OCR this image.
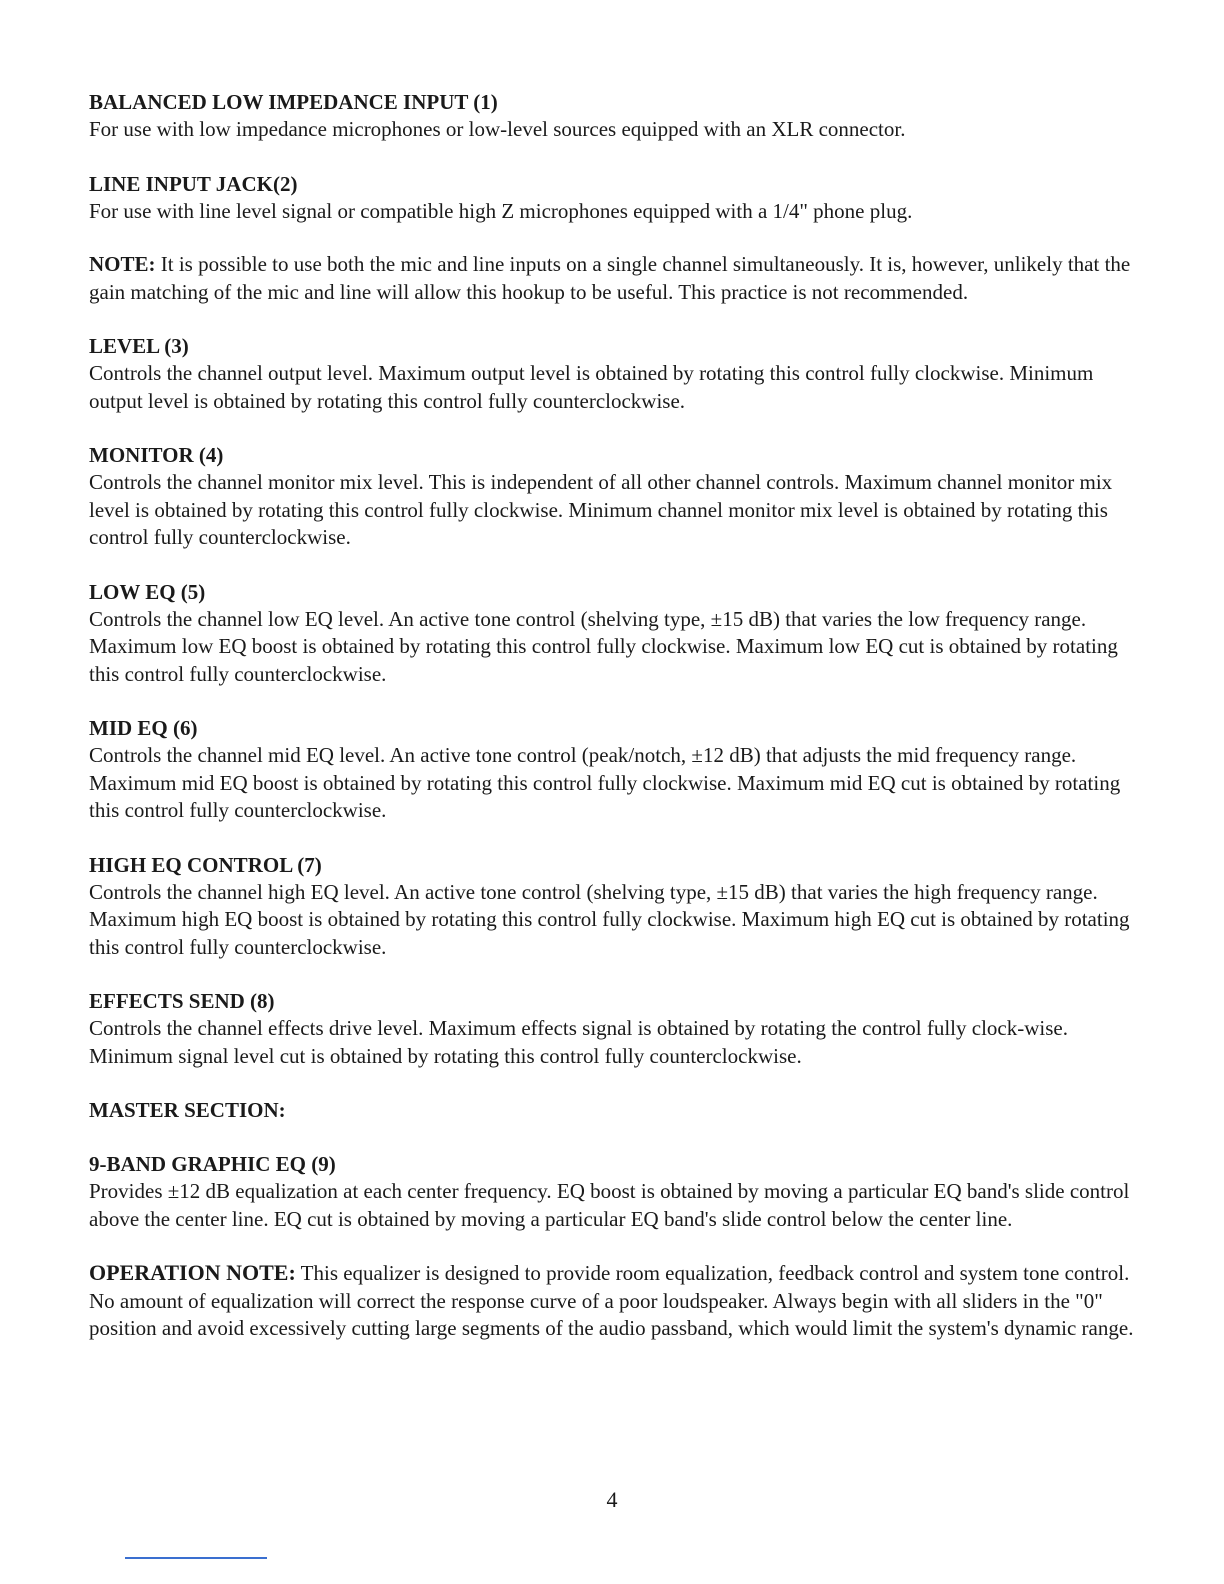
BALANCED LOW IMPEDANCE INPUT (1)

For use with low impedance microphones or low-level sources equipped with an XLR connector.

LINE INPUT JACK(2)

For use with line level signal or compatible high Z microphones equipped with a 1/4" phone plug.

NOTE: It is possible to use both the mic and line inputs on a single channel simultaneously. It is, however, unlikely that the gain matching of the mic and line will allow this hookup to be useful. This practice is not recommended.

LEVEL (3)

Controls the channel output level. Maximum output level is obtained by rotating this control fully clockwise. Minimum output level is obtained by rotating this control fully counterclockwise.

MONITOR (4)

Controls the channel monitor mix level. This is independent of all other channel controls. Maximum channel monitor mix level is obtained by rotating this control fully clockwise. Minimum channel monitor mix level is obtained by rotating this control fully counterclockwise.

LOW EQ (5)

Controls the channel low EQ level. An active tone control (shelving type, ±15 dB) that varies the low frequency range. Maximum low EQ boost is obtained by rotating this control fully clockwise. Maximum low EQ cut is obtained by rotating this control fully counterclockwise.

MID EQ (6)

Controls the channel mid EQ level. An active tone control (peak/notch, ±12 dB) that adjusts the mid frequency range. Maximum mid EQ boost is obtained by rotating this control fully clockwise. Maximum mid EQ cut is obtained by rotating this control fully counterclockwise.

HIGH EQ CONTROL (7)

Controls the channel high EQ level. An active tone control (shelving type, ±15 dB) that varies the high frequency range. Maximum high EQ boost is obtained by rotating this control fully clockwise. Maximum high EQ cut is obtained by rotating this control fully counterclockwise.

EFFECTS SEND (8)

Controls the channel effects drive level. Maximum effects signal is obtained by rotating the control fully clock-wise. Minimum signal level cut is obtained by rotating this control fully counterclockwise.

MASTER SECTION:
9-BAND GRAPHIC EQ (9)

Provides ±12 dB equalization at each center frequency. EQ boost is obtained by moving a particular EQ band's slide control above the center line. EQ cut is obtained by moving a particular EQ band's slide control below the center line.

OPERATION NOTE: This equalizer is designed to provide room equalization, feedback control and system tone control. No amount of equalization will correct the response curve of a poor loudspeaker. Always begin with all sliders in the "0" position and avoid excessively cutting large segments of the audio passband, which would limit the system's dynamic range.

4
